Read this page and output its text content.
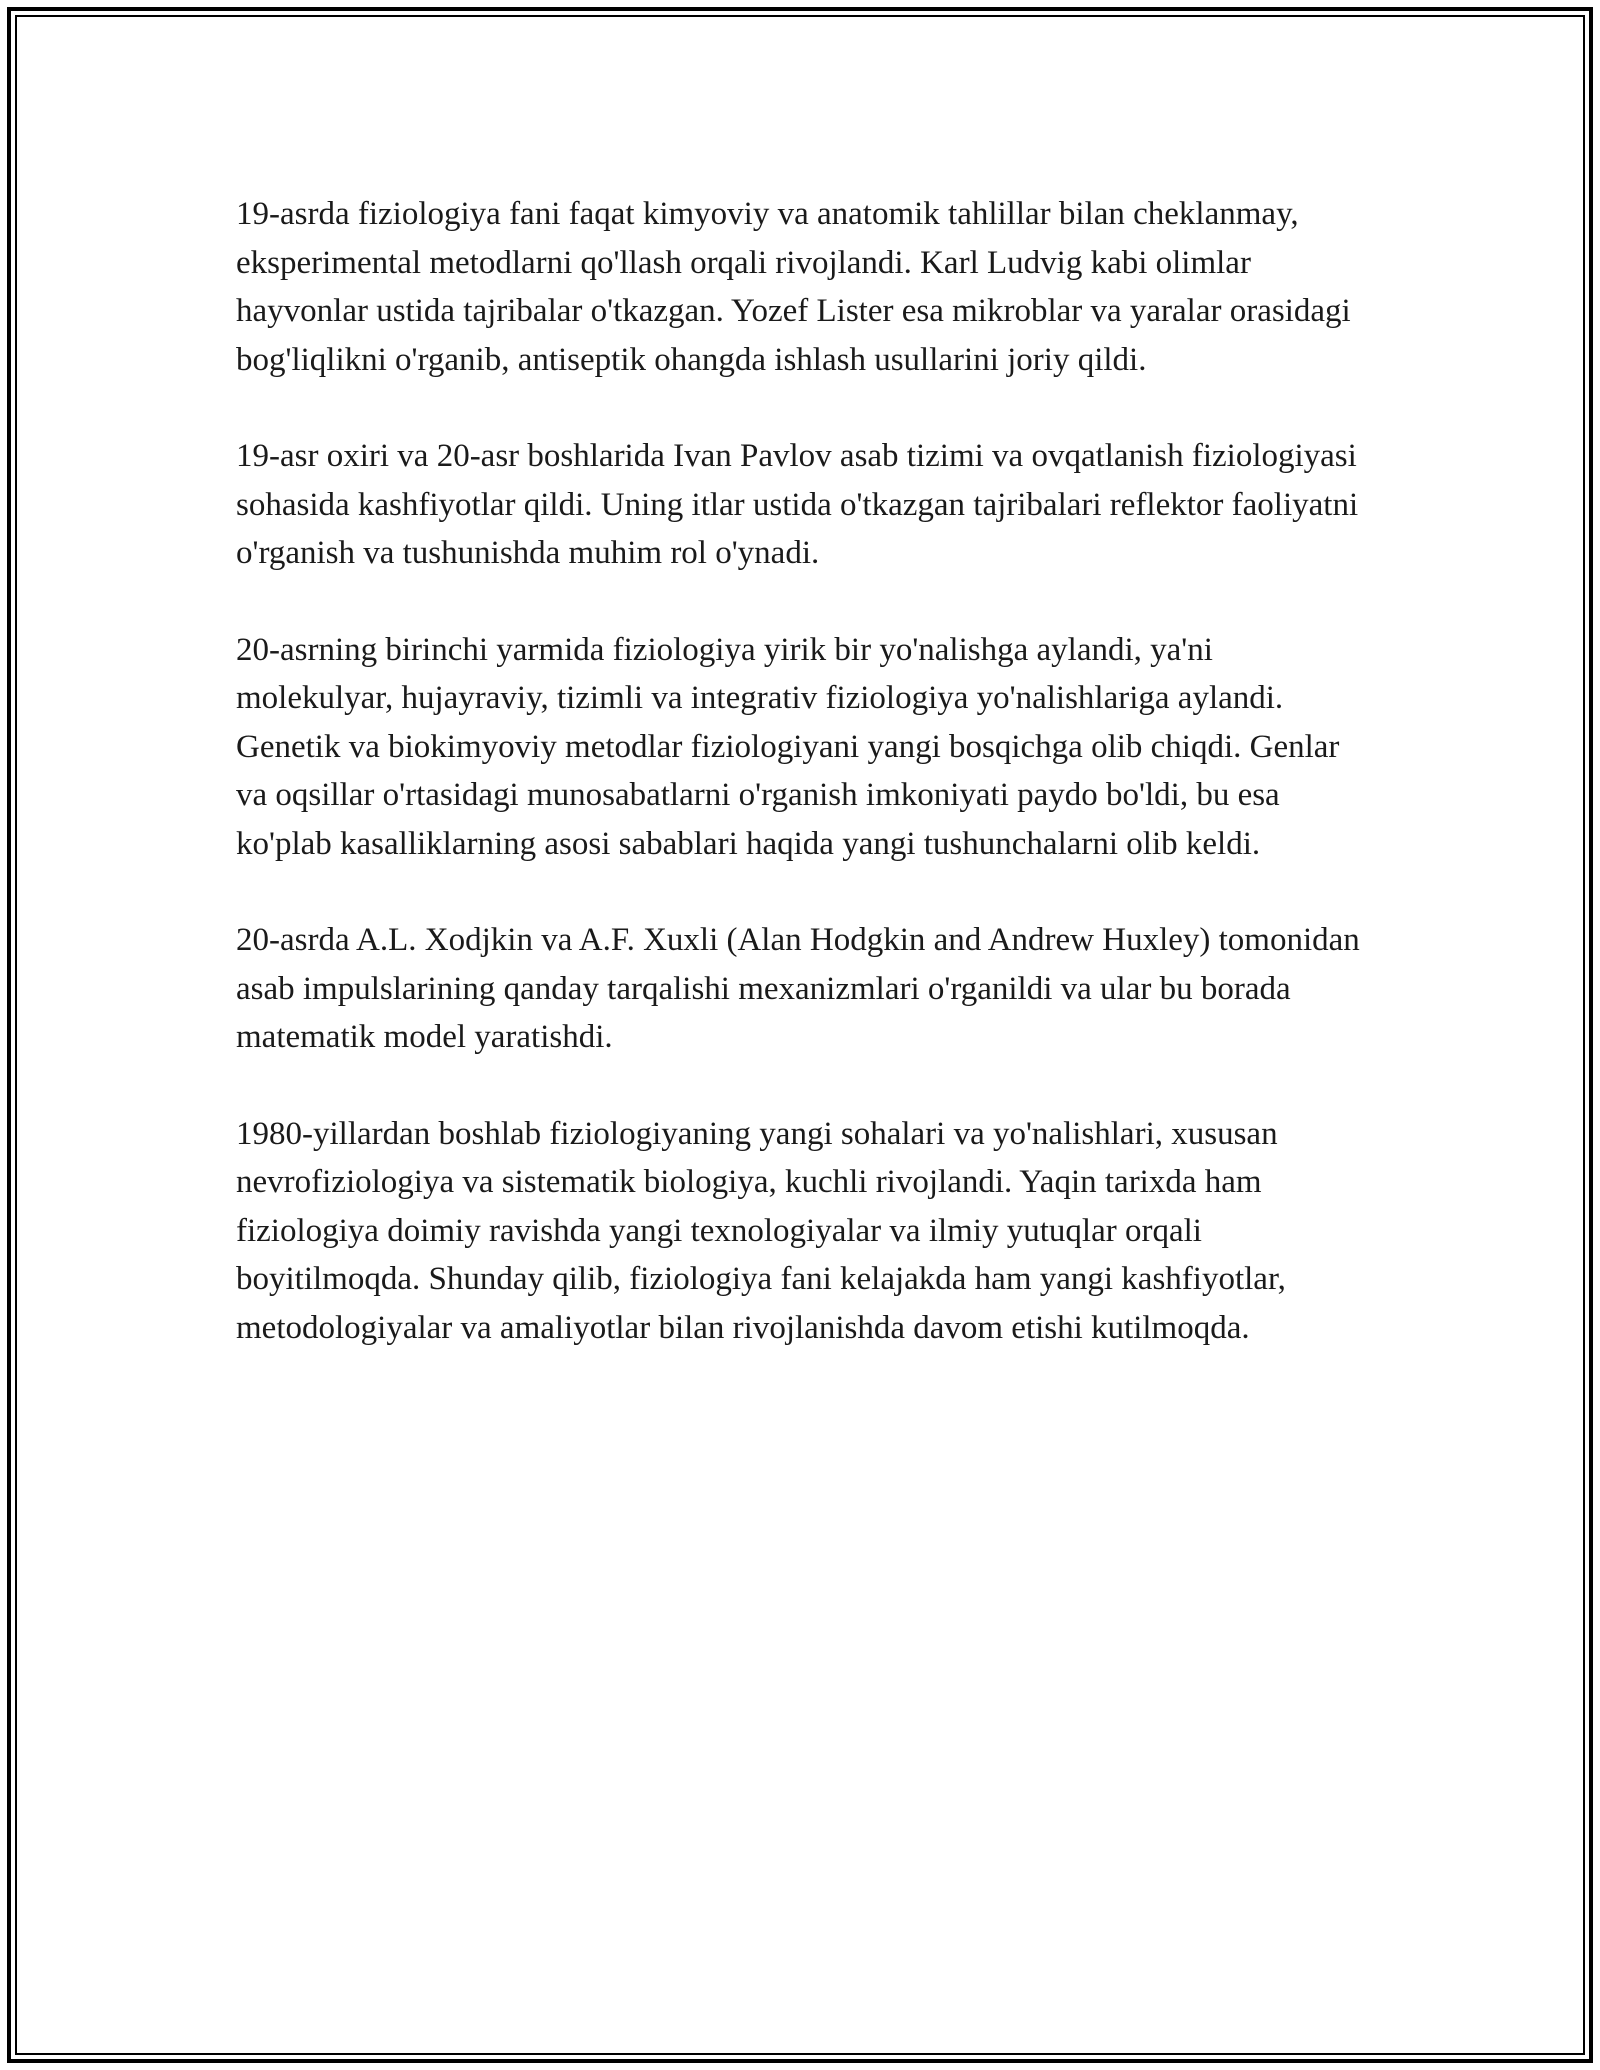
19-asrda fiziologiya fani faqat kimyoviy va anatomik tahlillar bilan cheklanmay, eksperimental metodlarni qo'llash orqali rivojlandi. Karl Ludvig kabi olimlar hayvonlar ustida tajribalar o'tkazgan. Yozef Lister esa mikroblar va yaralar orasidagi bog'liqlikni o'rganib, antiseptik ohangda ishlash usullarini joriy qildi.

19-asr oxiri va 20-asr boshlarida Ivan Pavlov asab tizimi va ovqatlanish fiziologiyasi sohasida kashfiyotlar qildi. Uning itlar ustida o'tkazgan tajribalari reflektor faoliyatni o'rganish va tushunishda muhim rol o'ynadi.

20-asrning birinchi yarmida fiziologiya yirik bir yo'nalishga aylandi, ya'ni molekulyar, hujayraviy, tizimli va integrativ fiziologiya yo'nalishlariga aylandi. Genetik va biokimyoviy metodlar fiziologiyani yangi bosqichga olib chiqdi. Genlar va oqsillar o'rtasidagi munosabatlarni o'rganish imkoniyati paydo bo'ldi, bu esa ko'plab kasalliklarning asosi sabablari haqida yangi tushunchalarni olib keldi.

20-asrda A.L. Xodjkin va A.F. Xuxli (Alan Hodgkin and Andrew Huxley) tomonidan asab impulslarining qanday tarqalishi mexanizmlari o'rganildi va ular bu borada matematik model yaratishdi.

1980-yillardan boshlab fiziologiyaning yangi sohalari va yo'nalishlari, xususan nevrofiziologiya va sistematik biologiya, kuchli rivojlandi. Yaqin tarixda ham fiziologiya doimiy ravishda yangi texnologiyalar va ilmiy yutuqlar orqali boyitilmoqda. Shunday qilib, fiziologiya fani kelajakda ham yangi kashfiyotlar, metodologiyalar va amaliyotlar bilan rivojlanishda davom etishi kutilmoqda.
